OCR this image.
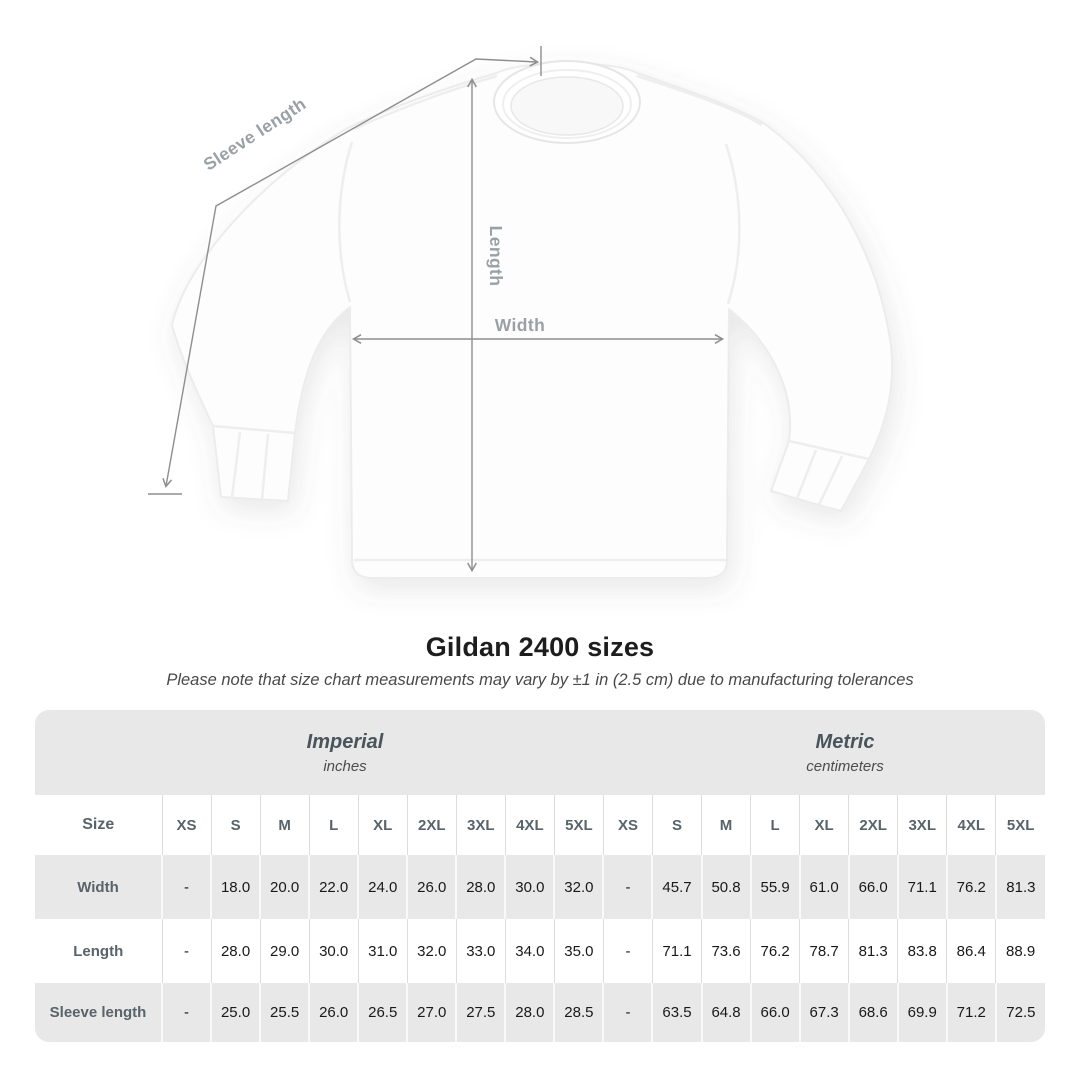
Sleeve length
Length
Width
Gildan 2400 sizes
Please note that size chart measurements may vary by ±1 in (2.5 cm) due to manufacturing tolerances
Imperial
inches
Metric
centimeters
Size	XS	S	M	L	XL	2XL	3XL	4XL	5XL	XS	S	M	L	XL	2XL	3XL	4XL	5XL
Width	-	18.0	20.0	22.0	24.0	26.0	28.0	30.0	32.0	-	45.7	50.8	55.9	61.0	66.0	71.1	76.2	81.3
Length	-	28.0	29.0	30.0	31.0	32.0	33.0	34.0	35.0	-	71.1	73.6	76.2	78.7	81.3	83.8	86.4	88.9
Sleeve length	-	25.0	25.5	26.0	26.5	27.0	27.5	28.0	28.5	-	63.5	64.8	66.0	67.3	68.6	69.9	71.2	72.5
